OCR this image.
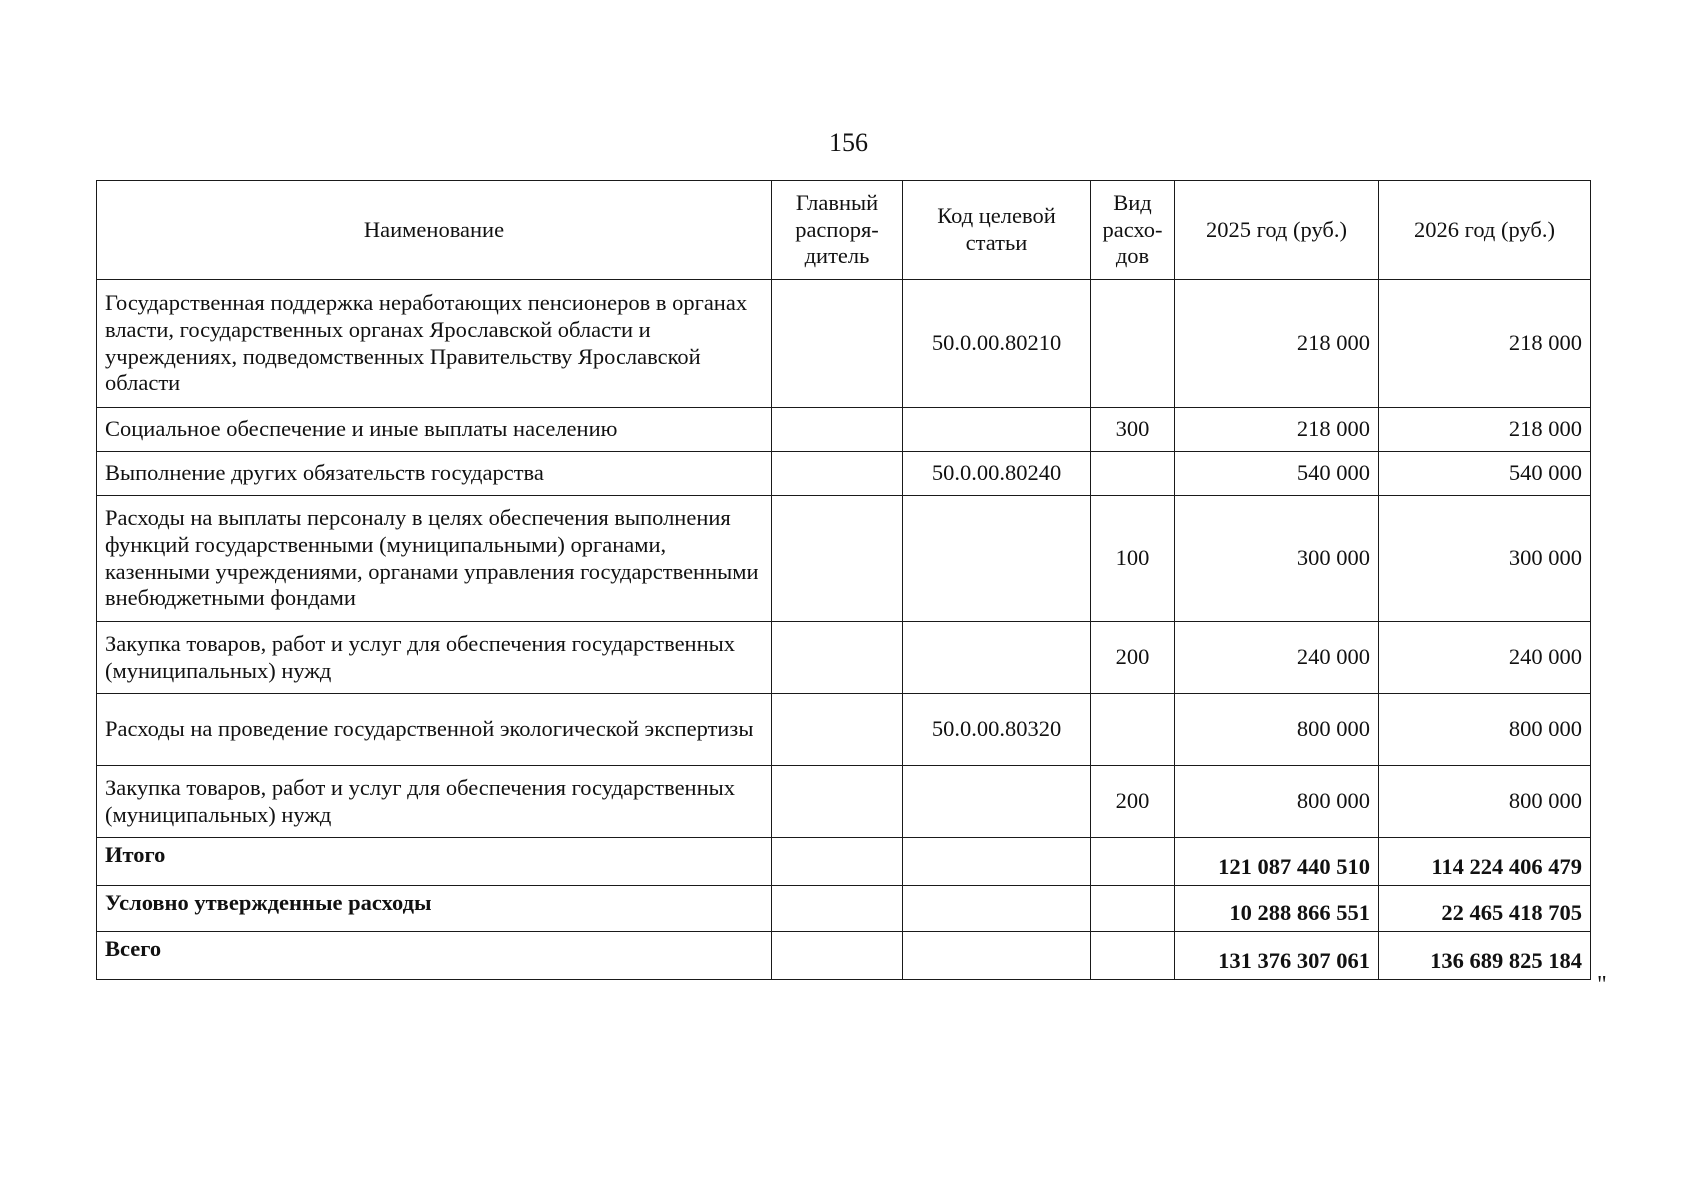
156
Наименование	Главный распоря-дитель	Код целевой статьи	Вид расхо-дов	2025 год (руб.)	2026 год (руб.)
Государственная поддержка неработающих пенсионеров в органах власти, государственных органах Ярославской области и учреждениях, подведомственных Правительству Ярославской области		50.0.00.80210		218 000	218 000
Социальное обеспечение и иные выплаты населению			300	218 000	218 000
Выполнение других обязательств государства		50.0.00.80240		540 000	540 000
Расходы на выплаты персоналу в целях обеспечения выполнения функций государственными (муниципальными) органами, казенными учреждениями, органами управления государственными внебюджетными фондами			100	300 000	300 000
Закупка товаров, работ и услуг для обеспечения государственных (муниципальных) нужд			200	240 000	240 000
Расходы на проведение государственной экологической экспертизы		50.0.00.80320		800 000	800 000
Закупка товаров, работ и услуг для обеспечения государственных (муниципальных) нужд			200	800 000	800 000
Итого				121 087 440 510	114 224 406 479
Условно утвержденные расходы				10 288 866 551	22 465 418 705
Всего				131 376 307 061	136 689 825 184
"
